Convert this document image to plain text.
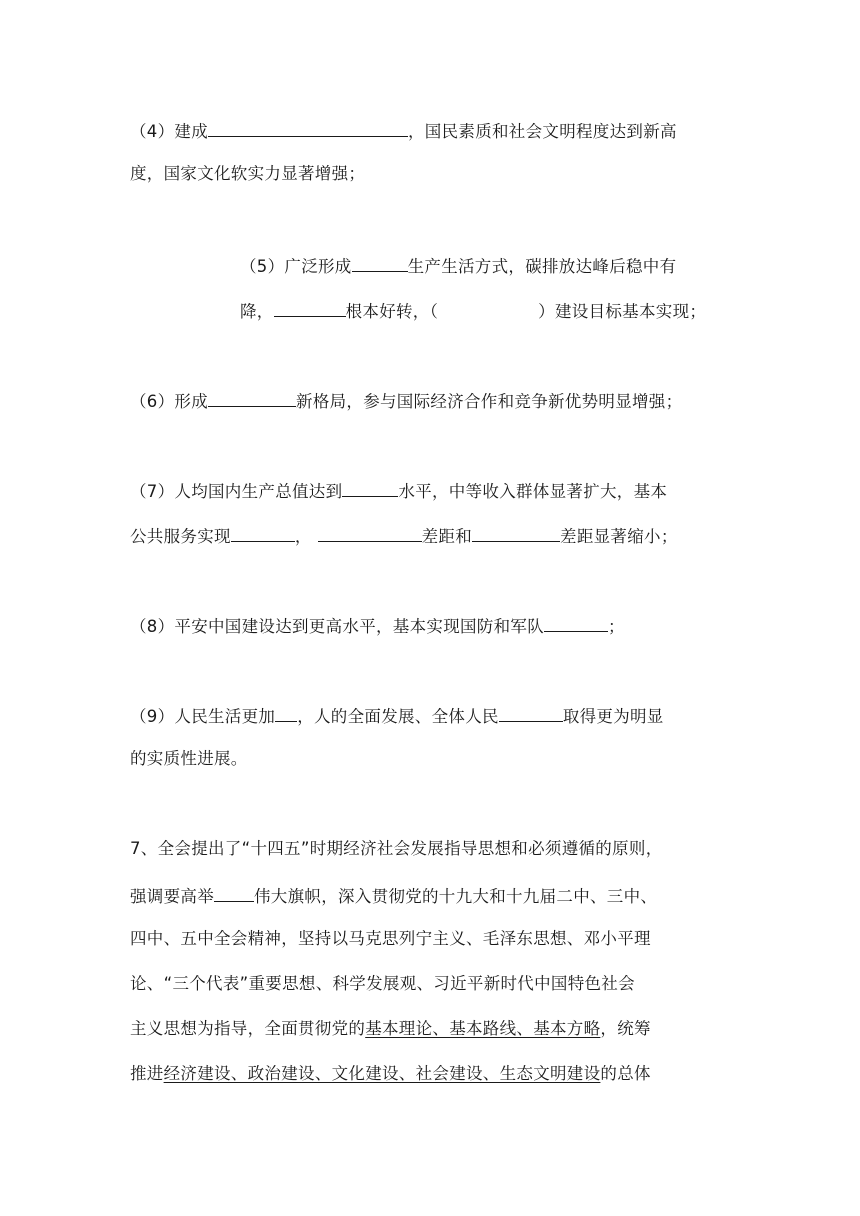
（4）建成	，国民素质和社会文明程度达到新高
度，国家文化软实力显著增强；
（5）广泛形成	生产生活方式，碳排放达峰后稳中有
降，	根本好转，（	）建设目标基本实现；
（6）形成	新格局，参与国际经济合作和竞争新优势明显增强；
（7）人均国内生产总值达到	水平，中等收入群体显著扩大，基本
公共服务实现	，	差距和	差距显著缩小；
（8）平安中国建设达到更高水平，基本实现国防和军队	；
（9）人民生活更加 ，人的全面发展、全体人民	取得更为明显
的实质性进展。
7、全会提出了“十四五”时期经济社会发展指导思想和必须遵循的原则，
强调要高举 伟大旗帜，深入贯彻党的十九大和十九届二中、三中、
四中、五中全会精神，坚持以马克思列宁主义、毛泽东思想、邓小平理
论、“三个代表”重要思想、科学发展观、习近平新时代中国特色社会
主义思想为指导，全面贯彻党的基本理论、基本路线、基本方略，统筹
推进经济建设、政治建设、文化建设、社会建设、生态文明建设的总体
